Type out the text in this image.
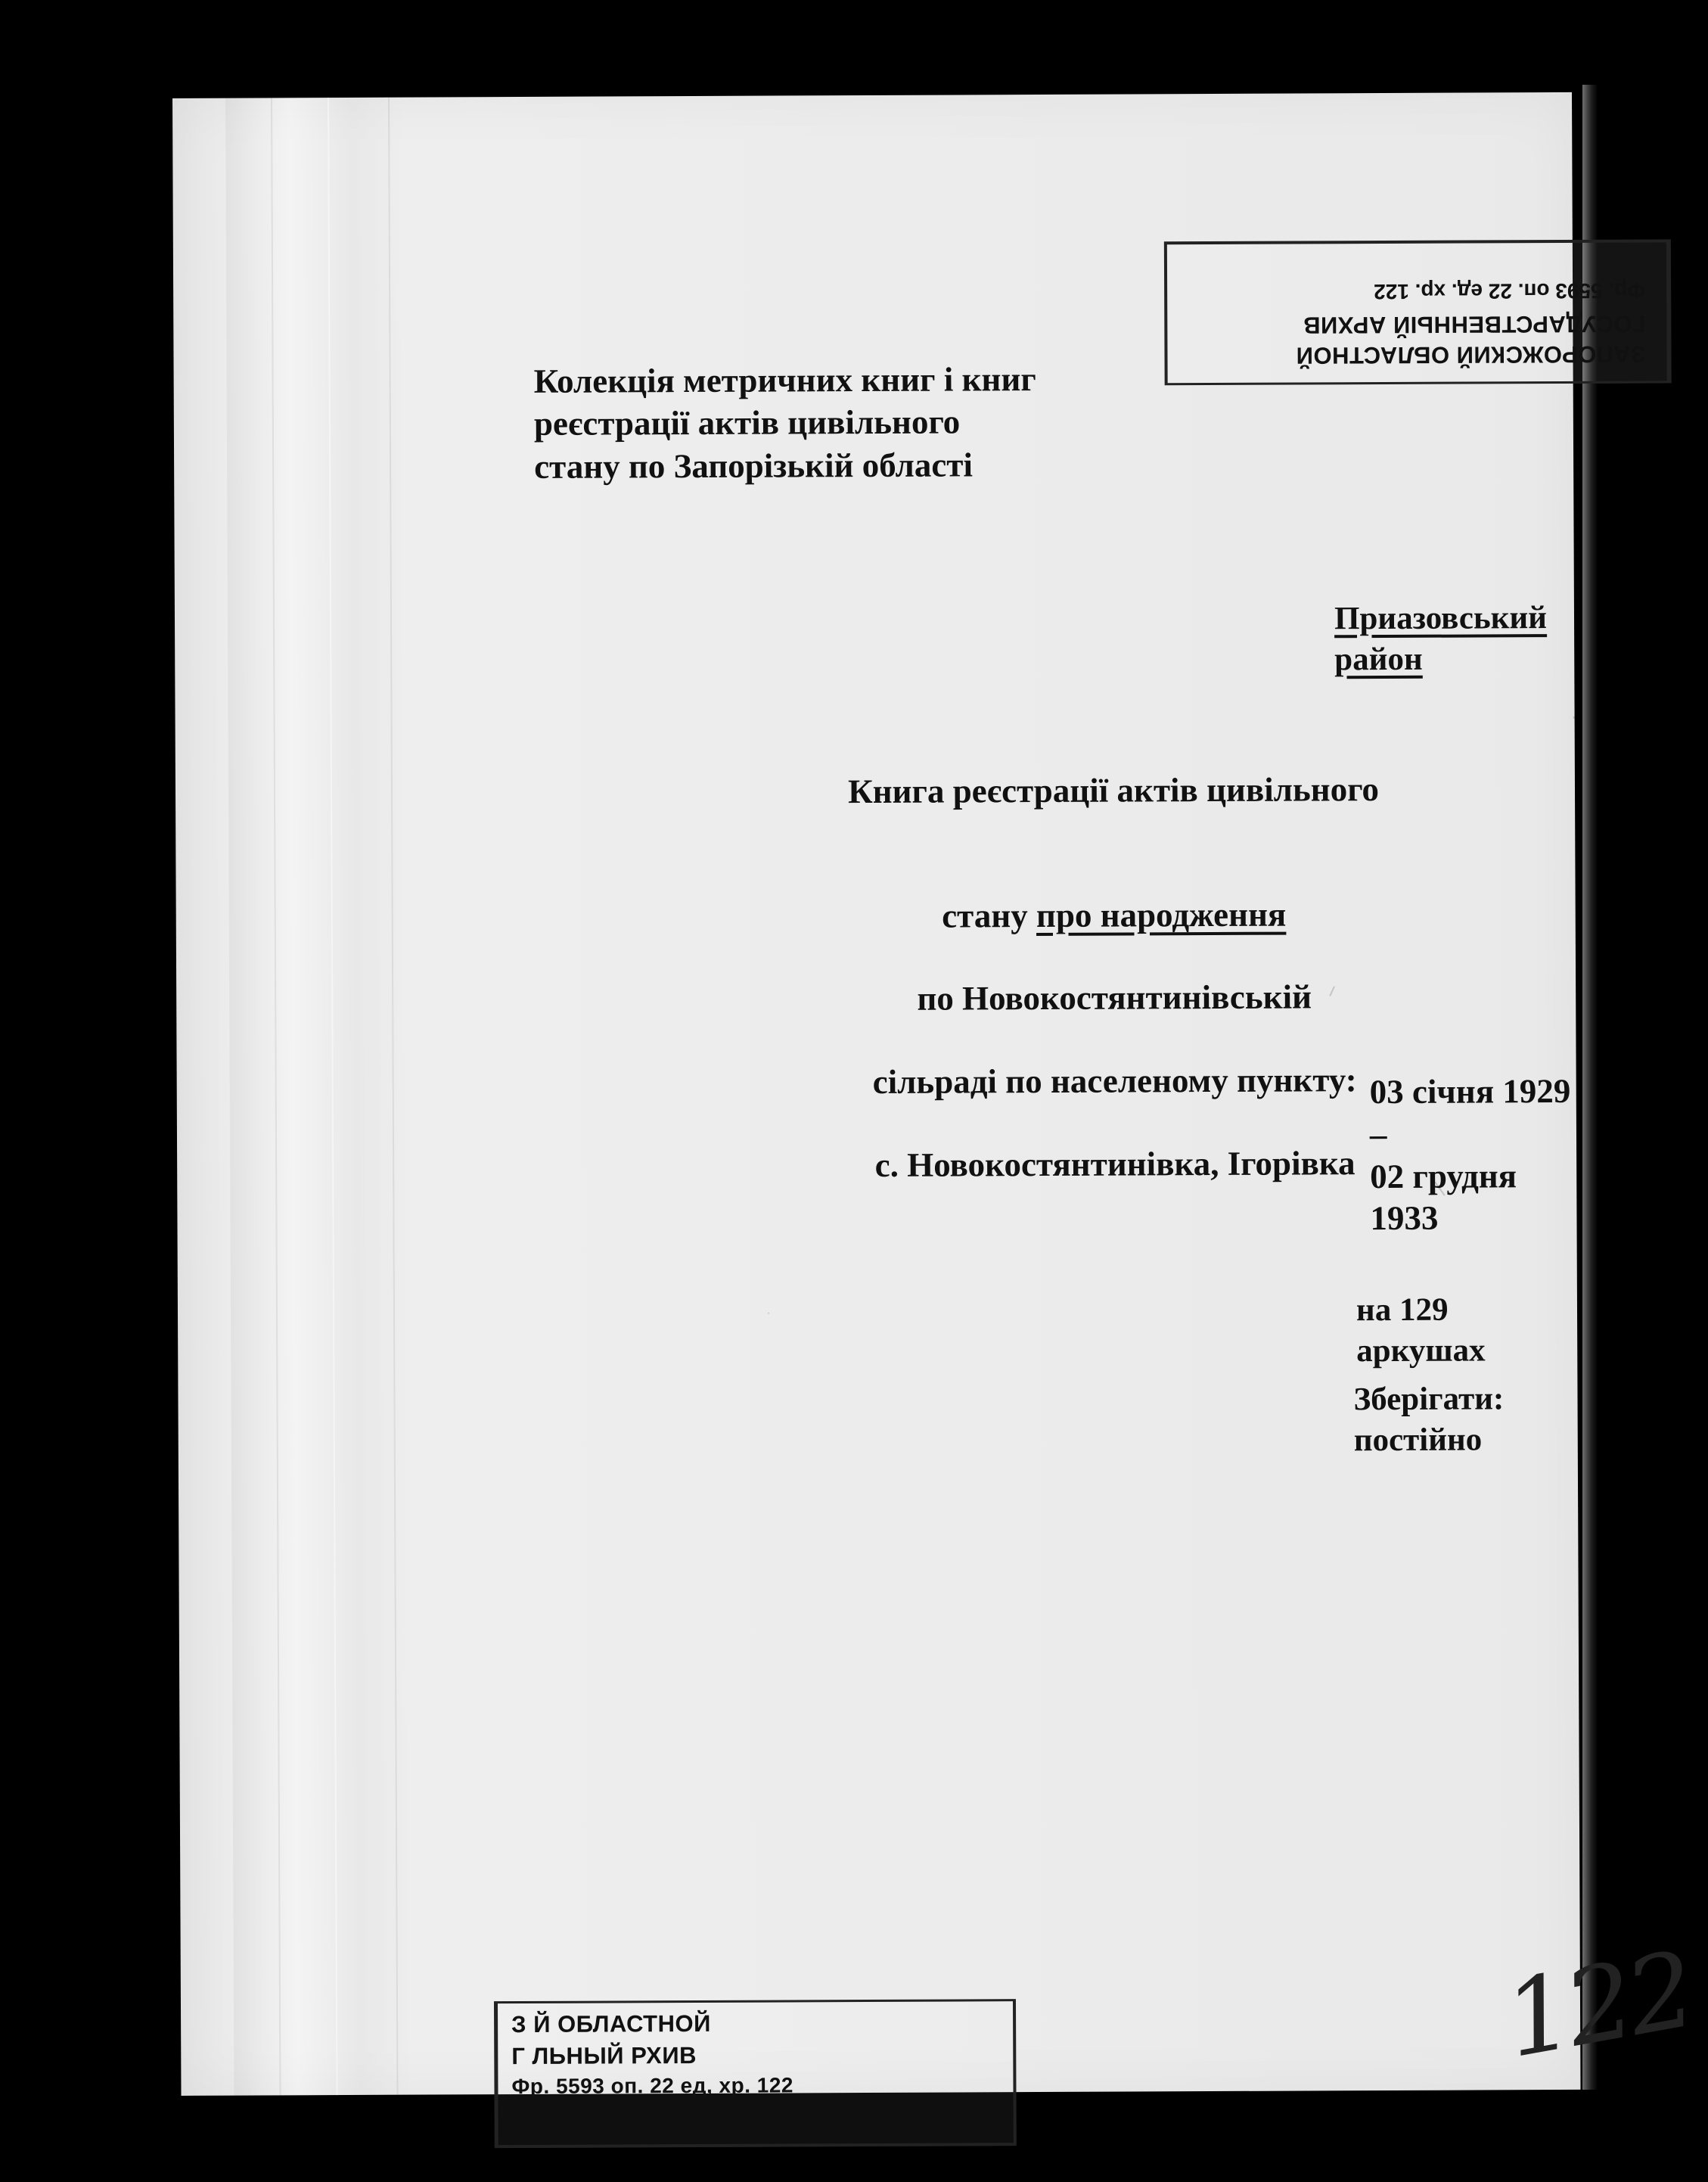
ЗАПОРОЖСКИЙ ОБЛАСТНОЙ
ГОСУДАРСТВЕННЫЙ АРХИВ
Фр. 5593 оп. 22 ед. хр. 122
Колекція метричних книг і книг
реєстрації актів цивільного
стану по Запорізькій області
Приазовський район

Книга реєстрації актів цивільного

стану про народження

по Новокостянтинівській

сільраді по населеному пункту:

с. Новокостянтинівка, Ігорівка

03 січня 1929 –
02 грудня 1933
на 129 аркушах
Зберігати: постійно
З Й ОБЛАСТНОЙ
Г ЛЬНЫЙ РХИВ
Фр. 5593 оп. 22 ед, хр. 122
122
